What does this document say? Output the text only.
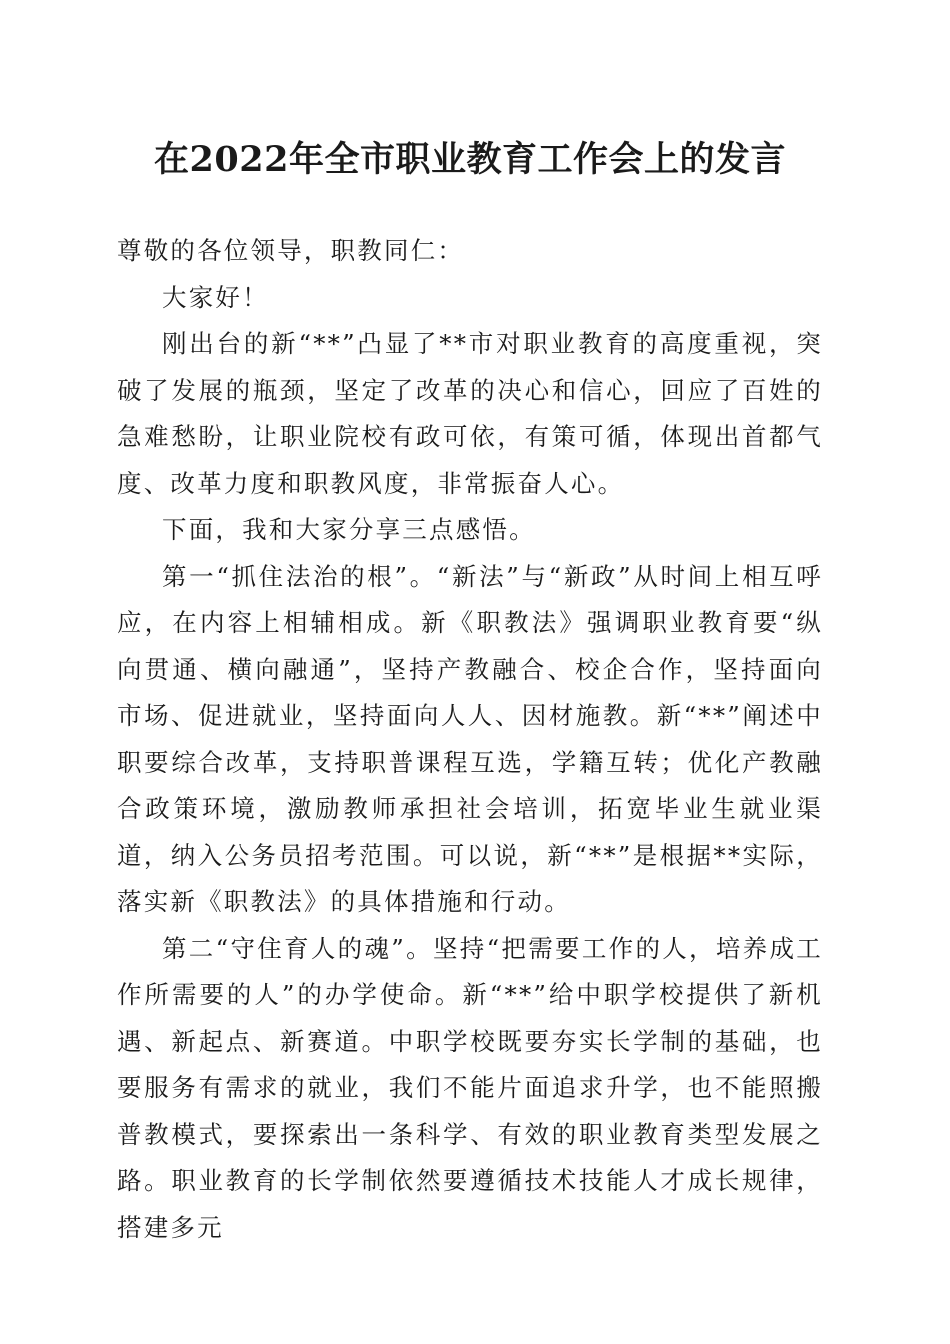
在2022年全市职业教育工作会上的发言

尊敬的各位领导，职教同仁：

大家好！

刚出台的新“**”凸显了**市对职业教育的高度重视，突破了发展的瓶颈，坚定了改革的决心和信心，回应了百姓的急难愁盼，让职业院校有政可依，有策可循，体现出首都气度、改革力度和职教风度，非常振奋人心。

下面，我和大家分享三点感悟。

第一“抓住法治的根”。“新法”与“新政”从时间上相互呼应，在内容上相辅相成。新《职教法》强调职业教育要“纵向贯通、横向融通”，坚持产教融合、校企合作，坚持面向市场、促进就业，坚持面向人人、因材施教。新“**”阐述中职要综合改革，支持职普课程互选，学籍互转；优化产教融合政策环境，激励教师承担社会培训，拓宽毕业生就业渠道，纳入公务员招考范围。可以说，新“**”是根据**实际，落实新《职教法》的具体措施和行动。

第二“守住育人的魂”。坚持“把需要工作的人，培养成工作所需要的人”的办学使命。新“**”给中职学校提供了新机遇、新起点、新赛道。中职学校既要夯实长学制的基础，也要服务有需求的就业，我们不能片面追求升学，也不能照搬普教模式，要探索出一条科学、有效的职业教育类型发展之路。职业教育的长学制依然要遵循技术技能人才成长规律，搭建多元
